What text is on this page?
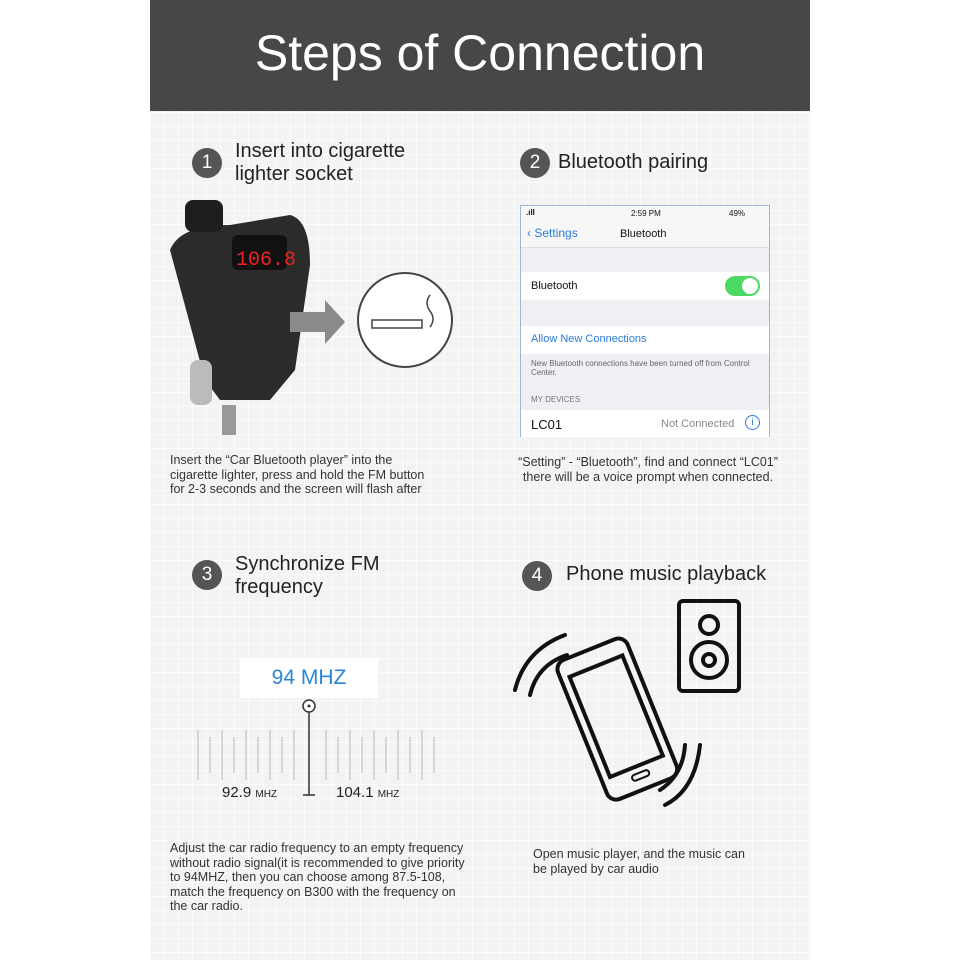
Steps of Connection
1
Insert into cigarette
lighter socket
106.8
Insert the “Car Bluetooth player” into the
cigarette lighter, press and hold the FM button
for 2-3 seconds and the screen will flash after
2 Bluetooth pairing
.ıll	2:59 PM	49%
‹ Settings	Bluetooth
Bluetooth
Allow New Connections
New Bluetooth connections have been turned off from Control Center.
MY DEVICES
LC01	Not Connected	i
“Setting” - “Bluetooth”, find and connect “LC01”
there will be a voice prompt when connected.
3	Synchronize FM
frequency
94 MHZ
92.9 MHZ	104.1 MHZ
Adjust the car radio frequency to an empty frequency
without radio signal(it is recommended to give priority
to 94MHZ, then you can choose among 87.5-108,
match the frequency on B300 with the frequency on
the car radio.
4	Phone music playback
Open music player, and the music can
be played by car audio
